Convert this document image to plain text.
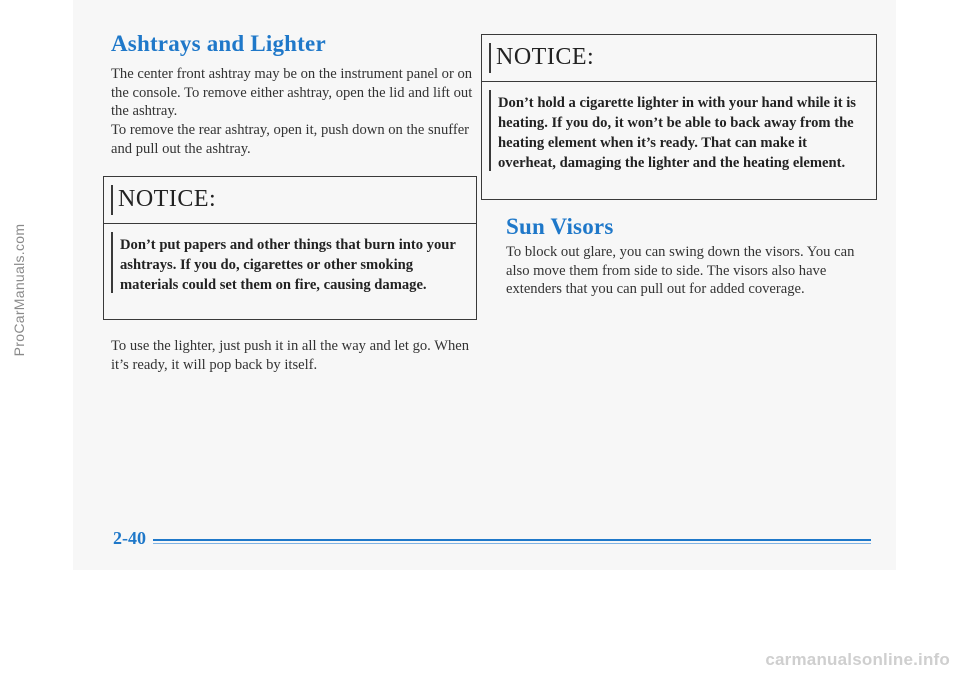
Ashtrays and Lighter

The center front ashtray may be on the instrument panel or on the console. To remove either ashtray, open the lid and lift out the ashtray.

To remove the rear ashtray, open it, push down on the snuffer and pull out the ashtray.

NOTICE:

Don’t put papers and other things that burn into your ashtrays. If you do, cigarettes or other smoking materials could set them on fire, causing damage.

To use the lighter, just push it in all the way and let go. When it’s ready, it will pop back by itself.

NOTICE:

Don’t hold a cigarette lighter in with your hand while it is heating. If you do, it won’t be able to back away from the heating element when it’s ready. That can make it overheat, damaging the lighter and the heating element.

Sun Visors

To block out glare, you can swing down the visors. You can also move them from side to side. The visors also have extenders that you can pull out for added coverage.

2-40
ProCarManuals.com
carmanualsonline.info
